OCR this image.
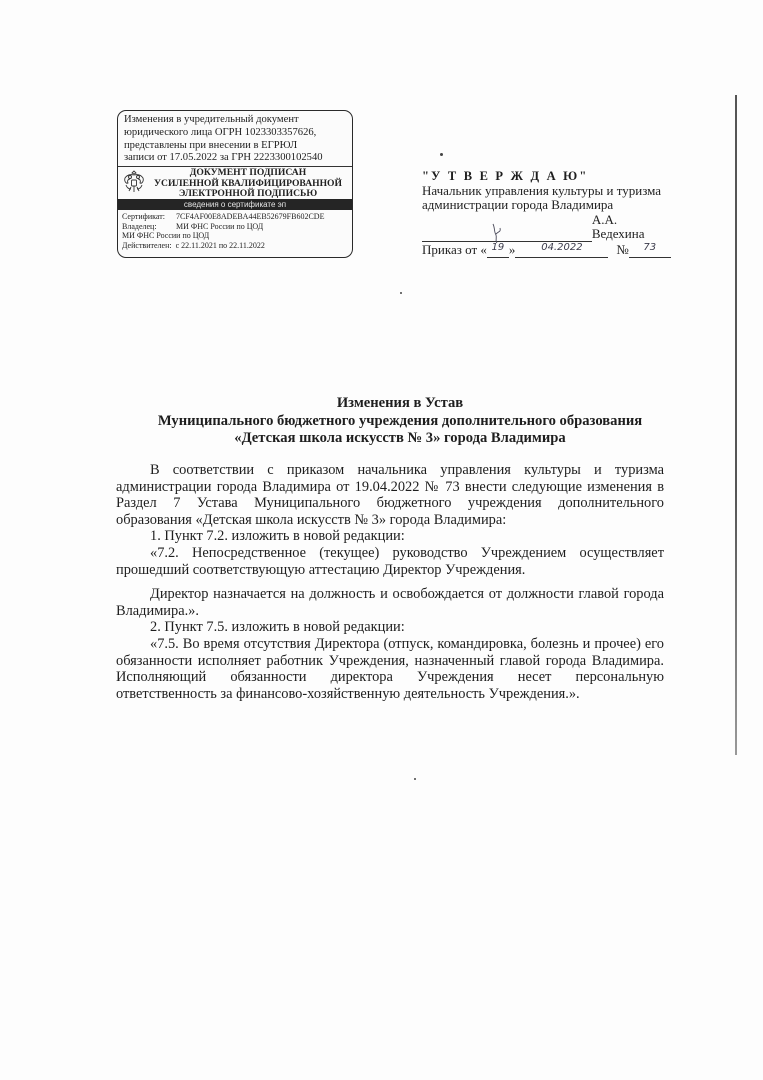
Изменения в учредительный документ
юридического лица ОГРН 1023303357626,
представлены при внесении в ЕГРЮЛ
записи от 17.05.2022 за ГРН 2223300102540
ДОКУМЕНТ ПОДПИСАН
УСИЛЕННОЙ КВАЛИФИЦИРОВАННОЙ
ЭЛЕКТРОННОЙ ПОДПИСЬЮ
сведения о сертификате эп
Сертификат:	7CF4AF00E8ADEBA44EB52679FB602CDE
Владелец:	МИ ФНС России по ЦОД
МИ ФНС России по ЦОД
Действителен: с 22.11.2021 по 22.11.2022
"У Т В Е Р Ж Д А Ю"
Начальник управления культуры и туризма
администрации города Владимира
А.А. Ведехина
Приказ от « 19 »	04.2022	№	73
Изменения в Устав
Муниципального бюджетного учреждения дополнительного образования
«Детская школа искусств № 3» города Владимира

В соответствии с приказом начальника управления культуры и туризма администрации города Владимира от 19.04.2022 № 73 внести следующие изменения в Раздел 7 Устава Муниципального бюджетного учреждения дополнительного образования «Детская школа искусств № 3» города Владимира:

1. Пункт 7.2. изложить в новой редакции:

«7.2. Непосредственное (текущее) руководство Учреждением осуществляет прошедший соответствующую аттестацию Директор Учреждения.

Директор назначается на должность и освобождается от должности главой города Владимира.».

2. Пункт 7.5. изложить в новой редакции:

«7.5. Во время отсутствия Директора (отпуск, командировка, болезнь и прочее) его обязанности исполняет работник Учреждения, назначенный главой города Владимира. Исполняющий обязанности директора Учреждения несет персональную ответственность за финансово-хозяйственную деятельность Учреждения.».
